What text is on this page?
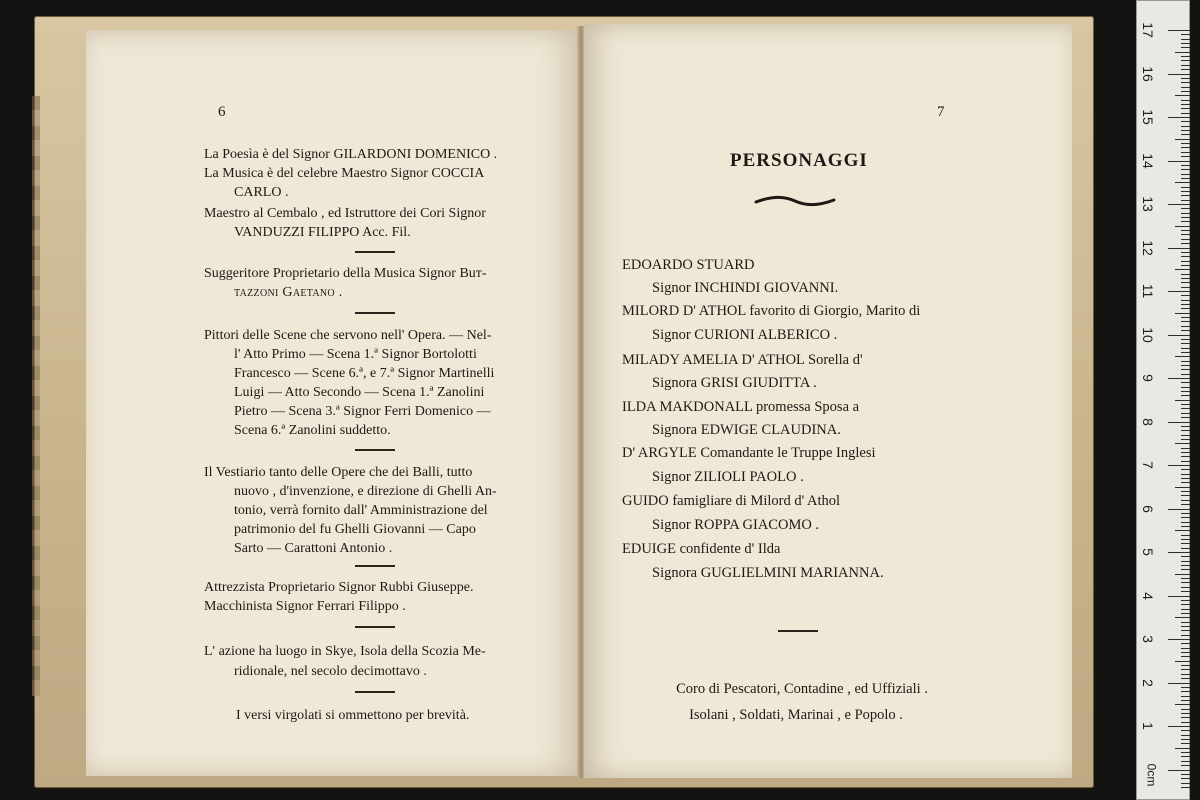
6

La Poesìa è del Signor GILARDONI DOMENICO .

La Musica è del celebre Maestro Signor COCCIA

CARLO .

Maestro al Cembalo , ed Istruttore dei Cori Signor

VANDUZZI FILIPPO Acc. Fil.

Suggeritore Proprietario della Musica Signor Buт-

tazzoni Gaetano .

Pittori delle Scene che servono nell' Opera. — Nel-

l' Atto Primo — Scena 1.ª Signor Bortolotti

Francesco — Scene 6.ª, e 7.ª Signor Martinelli

Luigi — Atto Secondo — Scena 1.ª Zanolini

Pietro — Scena 3.ª Signor Ferri Domenico —

Scena 6.ª Zanolini suddetto.

Il Vestiario tanto delle Opere che dei Balli, tutto

nuovo , d'invenzione, e direzione di Ghelli An-

tonio, verrà fornito dall' Amministrazione del

patrimonio del fu Ghelli Giovanni — Capo

Sarto — Carattoni Antonio .

Attrezzista Proprietario Signor Rubbi Giuseppe.

Macchinista Signor Ferrari Filippo .

L' azione ha luogo in Skye, Isola della Scozia Me-

ridionale, nel secolo decimottavo .

I versi virgolati si ommettono per brevità.

7
PERSONAGGI
EDOARDO STUARD
Signor INCHINDI GIOVANNI.
MILORD D' ATHOL favorito di Giorgio, Marito di
Signor CURIONI ALBERICO .
MILADY AMELIA D' ATHOL Sorella d'
Signora GRISI GIUDITTA .
ILDA MAKDONALL promessa Sposa a
Signora EDWIGE CLAUDINA.
D' ARGYLE Comandante le Truppe Inglesi
Signor ZILIOLI PAOLO .
GUIDO famigliare di Milord d' Athol
Signor ROPPA GIACOMO .
EDUIGE confidente d' Ilda
Signora GUGLIELMINI MARIANNA.
Coro di Pescatori, Contadine , ed Uffiziali .
Isolani , Soldati, Marinai , e Popolo .
17
16
15
14
13
12
11
10
9
8
7
6
5
4
3
2
1
0cm
